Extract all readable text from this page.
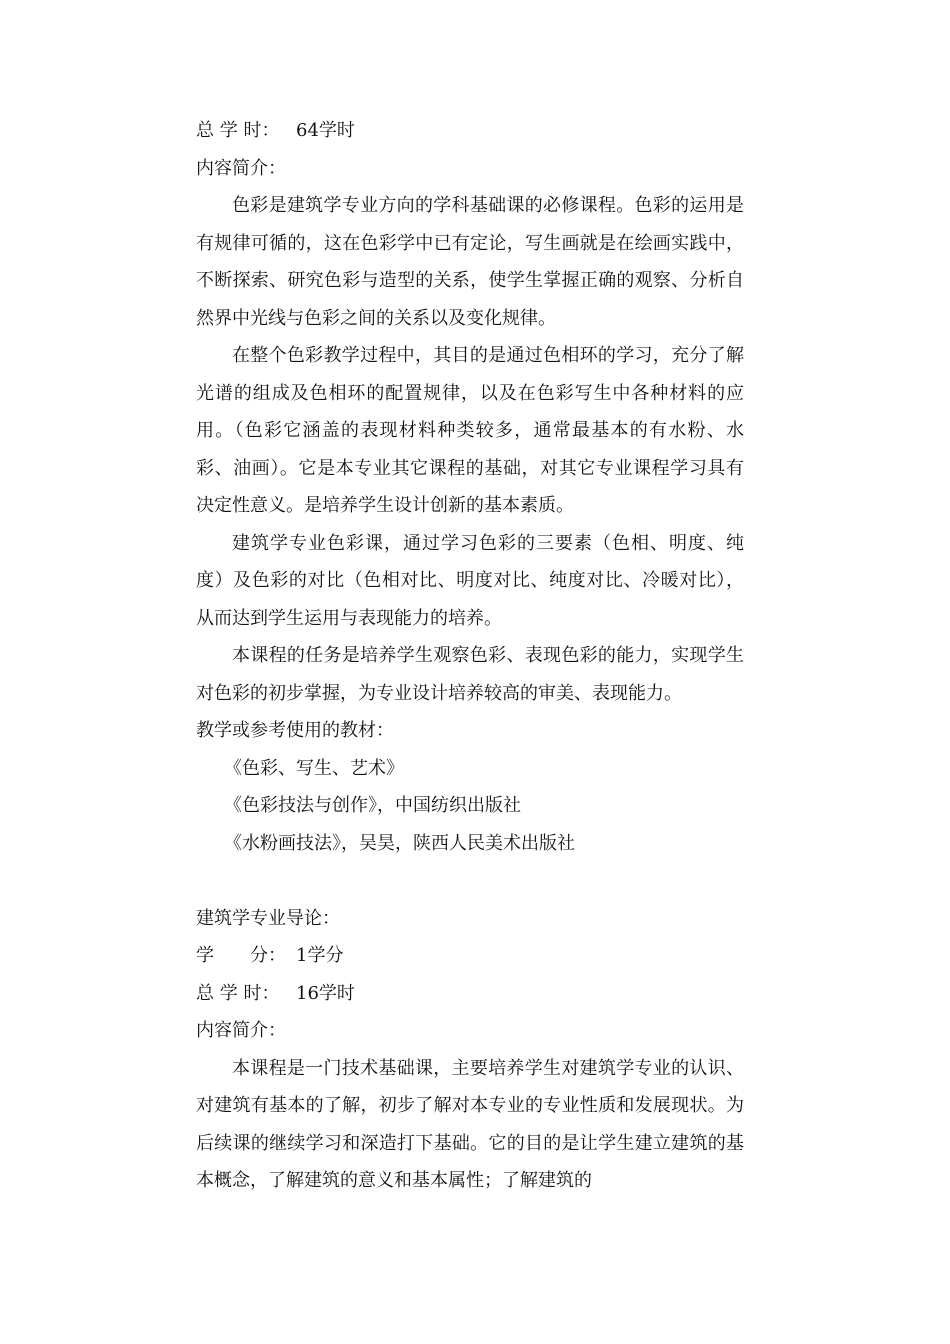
总 学 时： 64学时
内容简介：

色彩是建筑学专业方向的学科基础课的必修课程。色彩的运用是有规律可循的，这在色彩学中已有定论，写生画就是在绘画实践中，不断探索、研究色彩与造型的关系，使学生掌握正确的观察、分析自然界中光线与色彩之间的关系以及变化规律。

在整个色彩教学过程中，其目的是通过色相环的学习，充分了解光谱的组成及色相环的配置规律，以及在色彩写生中各种材料的应用。（色彩它涵盖的表现材料种类较多，通常最基本的有水粉、水彩、油画）。它是本专业其它课程的基础，对其它专业课程学习具有决定性意义。是培养学生设计创新的基本素质。

建筑学专业色彩课，通过学习色彩的三要素（色相、明度、纯度）及色彩的对比（色相对比、明度对比、纯度对比、冷暖对比），从而达到学生运用与表现能力的培养。

本课程的任务是培养学生观察色彩、表现色彩的能力，实现学生对色彩的初步掌握，为专业设计培养较高的审美、表现能力。

教学或参考使用的教材：
《色彩、写生、艺术》
《色彩技法与创作》，中国纺织出版社
《水粉画技法》，吴昊，陕西人民美术出版社
建筑学专业导论：
学　　分： 1学分
总 学 时： 16学时
内容简介：

本课程是一门技术基础课，主要培养学生对建筑学专业的认识、对建筑有基本的了解，初步了解对本专业的专业性质和发展现状。为后续课的继续学习和深造打下基础。它的目的是让学生建立建筑的基本概念，了解建筑的意义和基本属性；了解建筑的
